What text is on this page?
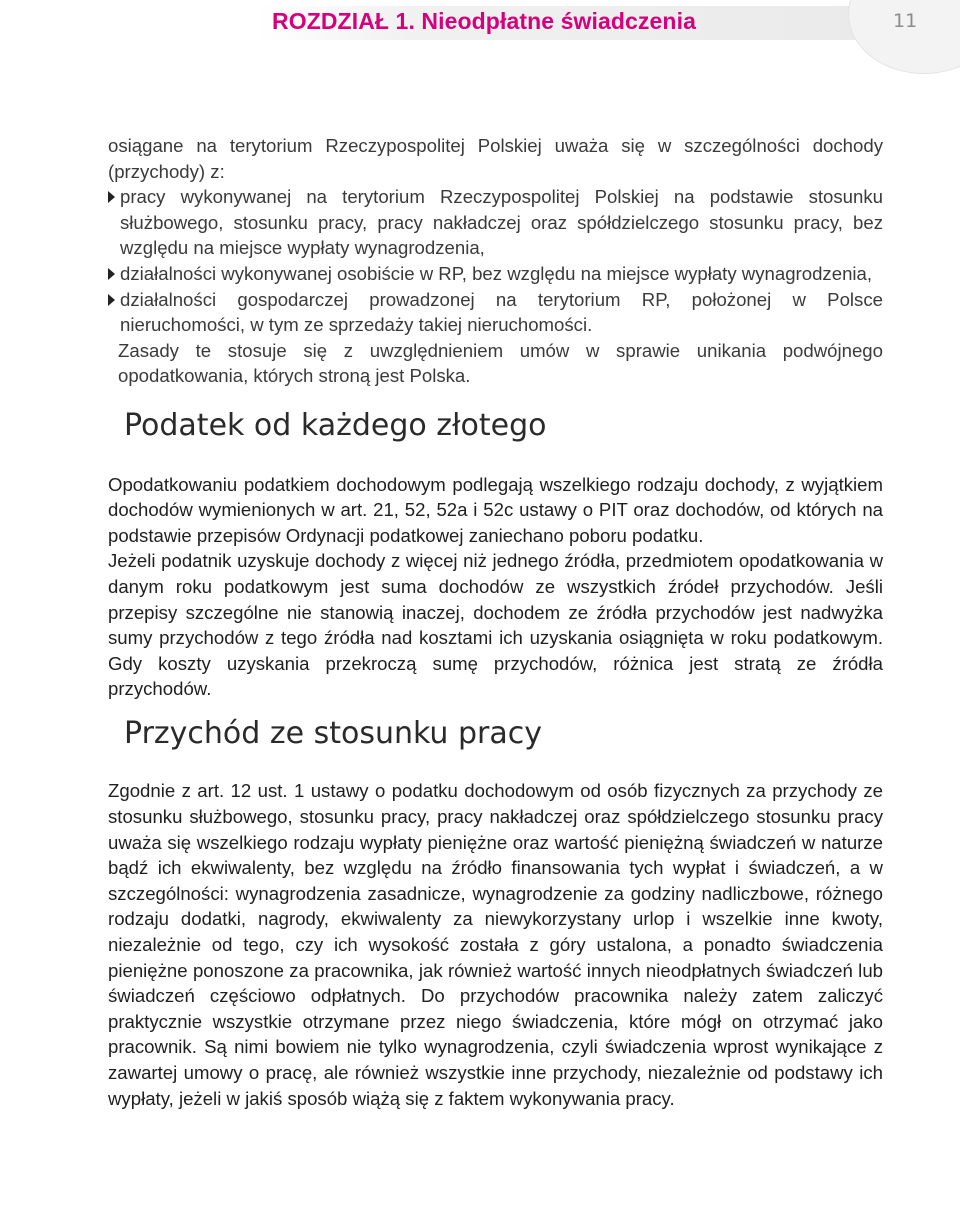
ROZDZIAŁ 1. Nieodpłatne świadczenia	11

osiągane na terytorium Rzeczypospolitej Polskiej uważa się w szczególności dochody (przychody) z:

pracy wykonywanej na terytorium Rzeczypospolitej Polskiej na podstawie stosunku służbowego, stosunku pracy, pracy nakładczej oraz spółdzielczego stosunku pracy, bez względu na miejsce wypłaty wynagrodzenia,
działalności wykonywanej osobiście w RP, bez względu na miejsce wypłaty wynagrodzenia,
działalności gospodarczej prowadzonej na terytorium RP, położonej w Polsce nieruchomości, w tym ze sprzedaży takiej nieruchomości.

Zasady te stosuje się z uwzględnieniem umów w sprawie unikania podwójnego opodatkowania, których stroną jest Polska.

Podatek od każdego złotego

Opodatkowaniu podatkiem dochodowym podlegają wszelkiego rodzaju dochody, z wyjątkiem dochodów wymienionych w art. 21, 52, 52a i 52c ustawy o PIT oraz dochodów, od których na podstawie przepisów Ordynacji podatkowej zaniechano poboru podatku.

Jeżeli podatnik uzyskuje dochody z więcej niż jednego źródła, przedmiotem opodatkowania w danym roku podatkowym jest suma dochodów ze wszystkich źródeł przychodów. Jeśli przepisy szczególne nie stanowią inaczej, dochodem ze źródła przychodów jest nadwyżka sumy przychodów z tego źródła nad kosztami ich uzyskania osiągnięta w roku podatkowym. Gdy koszty uzyskania przekroczą sumę przychodów, różnica jest stratą ze źródła przychodów.

Przychód ze stosunku pracy

Zgodnie z art. 12 ust. 1 ustawy o podatku dochodowym od osób fizycznych za przychody ze stosunku służbowego, stosunku pracy, pracy nakładczej oraz spółdzielczego stosunku pracy uważa się wszelkiego rodzaju wypłaty pieniężne oraz wartość pieniężną świadczeń w naturze bądź ich ekwiwalenty, bez względu na źródło finansowania tych wypłat i świadczeń, a w szczególności: wynagrodzenia zasadnicze, wynagrodzenie za godziny nadliczbowe, różnego rodzaju dodatki, nagrody, ekwiwalenty za niewykorzystany urlop i wszelkie inne kwoty, niezależnie od tego, czy ich wysokość została z góry ustalona, a ponadto świadczenia pieniężne ponoszone za pracownika, jak również wartość innych nieodpłatnych świadczeń lub świadczeń częściowo odpłatnych. Do przychodów pracownika należy zatem zaliczyć praktycznie wszystkie otrzymane przez niego świadczenia, które mógł on otrzymać jako pracownik. Są nimi bowiem nie tylko wynagrodzenia, czyli świadczenia wprost wynikające z zawartej umowy o pracę, ale również wszystkie inne przychody, niezależnie od podstawy ich wypłaty, jeżeli w jakiś sposób wiążą się z faktem wykonywania pracy.
